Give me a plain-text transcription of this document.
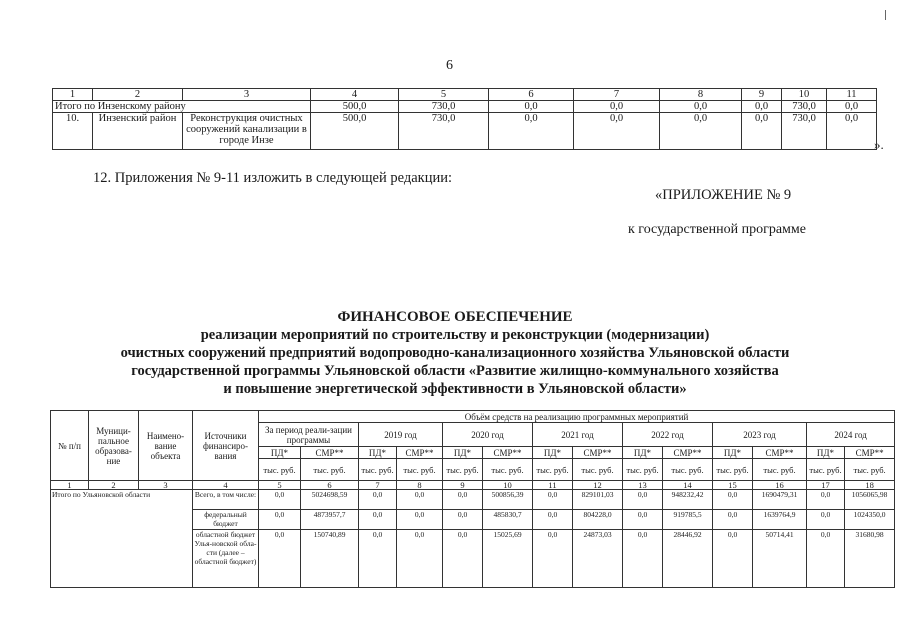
6
1	2	3	4	5	6	7	8	9	10	11
Итого по Инзенскому району			500,0	730,0	0,0	0,0	0,0	0,0	730,0	0,0
10.	Инзенский район	Реконструкция очистных сооружений канализации в городе Инзе	500,0	730,0	0,0	0,0	0,0	0,0	730,0	0,0
».
12. Приложения № 9-11 изложить в следующей редакции:
«ПРИЛОЖЕНИЕ № 9
к государственной программе
ФИНАНСОВОЕ ОБЕСПЕЧЕНИЕ
реализации мероприятий по строительству и реконструкции (модернизации)
очистных сооружений предприятий водопроводно-канализационного хозяйства Ульяновской области
государственной программы Ульяновской области «Развитие жилищно-коммунального хозяйства
и повышение энергетической эффективности в Ульяновской области»
№ п/п	Муници-пальное образова-ние	Наимено-вание объекта	Источники финансиро-вания	Объём средств на реализацию программных мероприятий													
				За период реали-зации программы		2019 год		2020 год		2021 год		2022 год		2023 год		2024 год	
				ПД*	СМР**	ПД*	СМР**	ПД*	СМР**	ПД*	СМР**	ПД*	СМР**	ПД*	СМР**	ПД*	СМР**
				тыс. руб.	тыс. руб.	тыс. руб.	тыс. руб.	тыс. руб.	тыс. руб.	тыс. руб.	тыс. руб.	тыс. руб.	тыс. руб.	тыс. руб.	тыс. руб.	тыс. руб.	тыс. руб.
1	2	3	4	5	6	7	8	9	10	11	12	13	14	15	16	17	18
Итого по Ульяновской области			Всего, в том числе:	0,0	5024698,59	0,0	0,0	0,0	500856,39	0,0	829101,03	0,0	948232,42	0,0	1690479,31	0,0	1056065,98
			федеральный бюджет	0,0	4873957,7	0,0	0,0	0,0	485830,7	0,0	804228,0	0,0	919785,5	0,0	1639764,9	0,0	1024350,0
			областной бюджет Улья-новской обла-сти (далее – областной бюджет)	0,0	150740,89	0,0	0,0	0,0	15025,69	0,0	24873,03	0,0	28446,92	0,0	50714,41	0,0	31680,98
